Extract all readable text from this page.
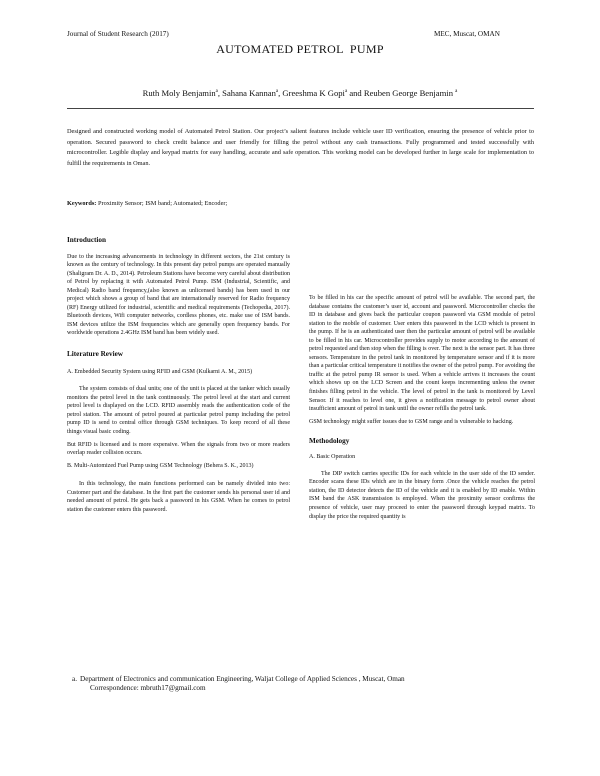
Journal of Student Research (2017)	MEC, Muscat, OMAN
AUTOMATED PETROL  PUMP
Ruth Moly Benjamin$^a$, Sahana Kannan$^a$, Greeshma K Gopi$^a$ and Reuben George Benjamin $^a$
Designed and constructed working model of Automated Petrol Station. Our project’s salient features include vehicle user ID verification, ensuring the presence of vehicle prior to operation. Secured password to check credit balance and user friendly for filling the petrol without any cash transactions. Fully programmed and tested successfully with microcontroller. Legible display and keypad matrix for easy handling, accurate and safe operation. This working model can be developed further in large scale for implementation to fulfill the requirements in Oman.
Keywords: Proximity Sensor; ISM band; Automated; Encoder;
Introduction

Due to the increasing advancements in technology in different sectors, the 21st century is known as the century of technology. In this present day petrol pumps are operated manually (Shaligram Dr. A. D., 2014). Petroleum Stations have become very careful about distribution of Petrol by replacing it with Automated Petrol Pump. ISM (Industrial, Scientific, and Medical) Radio band frequency,(also known as unlicensed bands) has been used in our project which shows a group of band that are internationally reserved for Radio frequency (RF) Energy utilized for industrial, scientific and medical requirements (Techopedia, 2017). Bluetooth devices, Wifi computer networks, cordless phones, etc. make use of ISM bands. ISM devices utilize the ISM frequencies which are generally open frequency bands. For worldwide operations 2.4GHz ISM band has been widely used.

Literature Review

A. Embedded Security System using RFID and GSM (Kulkarni A. M., 2015)

The system consists of dual units; one of the unit is placed at the tanker which usually monitors the petrol level in the tank continuously. The petrol level at the start and current petrol level is displayed on the LCD. RFID assembly reads the authentication code of the petrol station. The amount of petrol poured at particular petrol pump including the petrol pump ID is send to central office through GSM techniques. To keep record of all these things visual basic coding.

But RFID is licensed and is more expensive. When the signals from two or more readers overlap reader collision occurs.

B. Multi-Automized Fuel Pump using GSM Technology (Behera S. K., 2013)

In this technology, the main functions performed can be namely divided into two: Customer part and the database. In the first part the customer sends his personal user id and needed amount of petrol. He gets back a password in his GSM. When he comes to petrol station the customer enters this password.

To be filled in his car the specific amount of petrol will be available. The second part, the database contains the customer’s user id, account and password. Microcontroller checks the ID in database and gives back the particular coupon password via GSM module of petrol station to the mobile of customer. User enters this password in the LCD which is present in the pump. If he is an authenticated user then the particular amount of petrol will be available to be filled in his car. Microcontroller provides supply to motor according to the amount of petrol requested and then stop when the filling is over. The next is the sensor part. It has three sensors. Temperature in the petrol tank in monitored by temperature sensor and if it is more than a particular critical temperature it notifies the owner of the petrol pump. For avoiding the traffic at the petrol pump IR sensor is used. When a vehicle arrives it increases the count which shows up on the LCD Screen and the count keeps incrementing unless the owner finishes filling petrol in the vehicle. The level of petrol in the tank is monitored by Level Sensor. If it reaches to level one, it gives a notification message to petrol owner about insufficient amount of petrol in tank until the owner refills the petrol tank.

GSM technology might suffer issues due to GSM range and is vulnerable to hacking.

Methodology

A. Basic Operation

The DIP switch carries specific IDs for each vehicle in the user side of the ID sender. Encoder scans these IDs which are in the binary form .Once the vehicle reaches the petrol station, the ID detector detects the ID of the vehicle and it is enabled by ID enable. Within ISM band the ASK transmission is employed. When the proximity sensor confirms the presence of vehicle, user may proceed to enter the password through keypad matrix. To display the price the required quantity is

a. Department of Electronics and communication Engineering, Waljat College of Applied Sciences , Muscat, Oman
Correspondence: mbruth17@gmail.com
